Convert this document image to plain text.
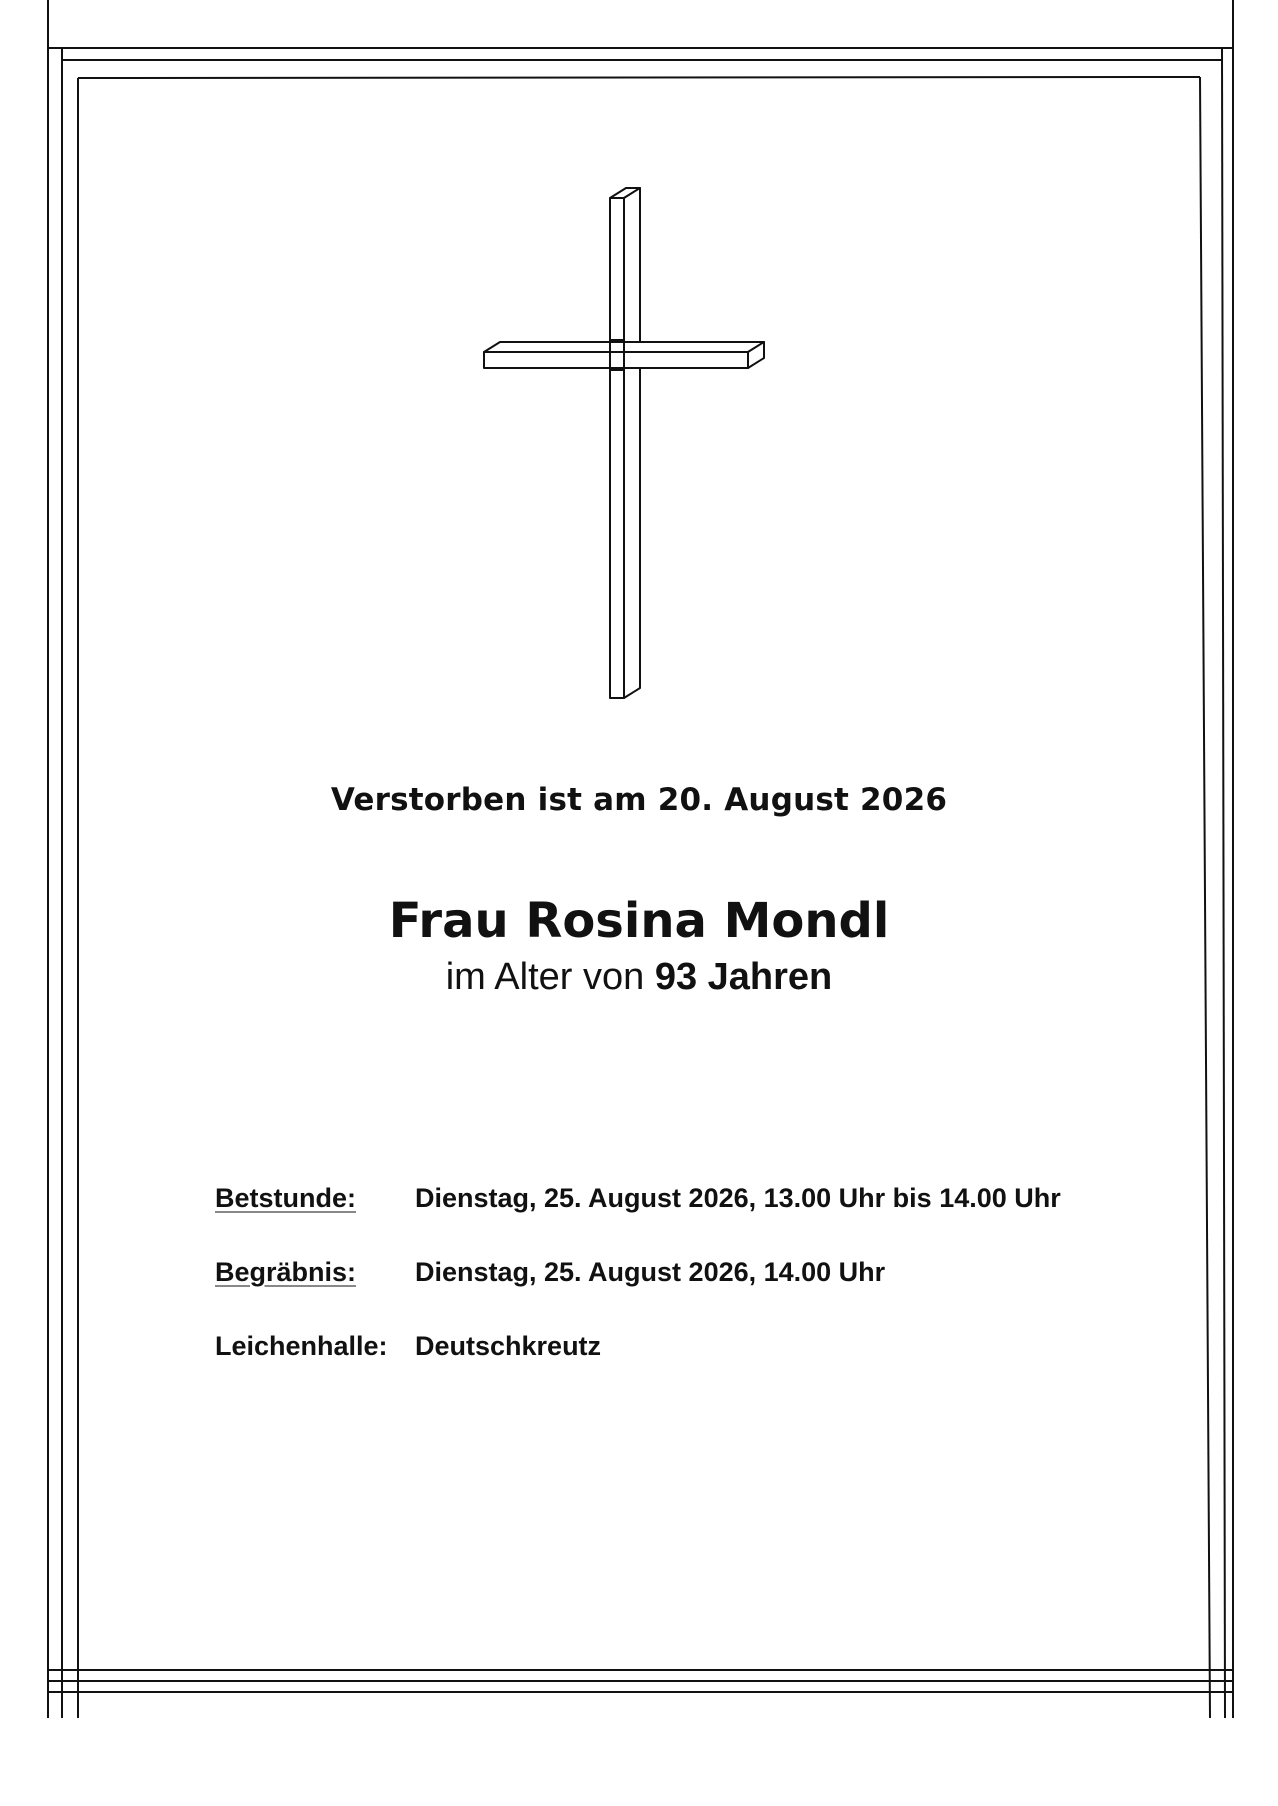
Verstorben ist am 20. August 2026
Frau Rosina Mondl
im Alter von 93 Jahren
Betstunde: Dienstag, 25. August 2026, 13.00 Uhr bis 14.00 Uhr
Begräbnis: Dienstag, 25. August 2026, 14.00 Uhr
Leichenhalle: Deutschkreutz
